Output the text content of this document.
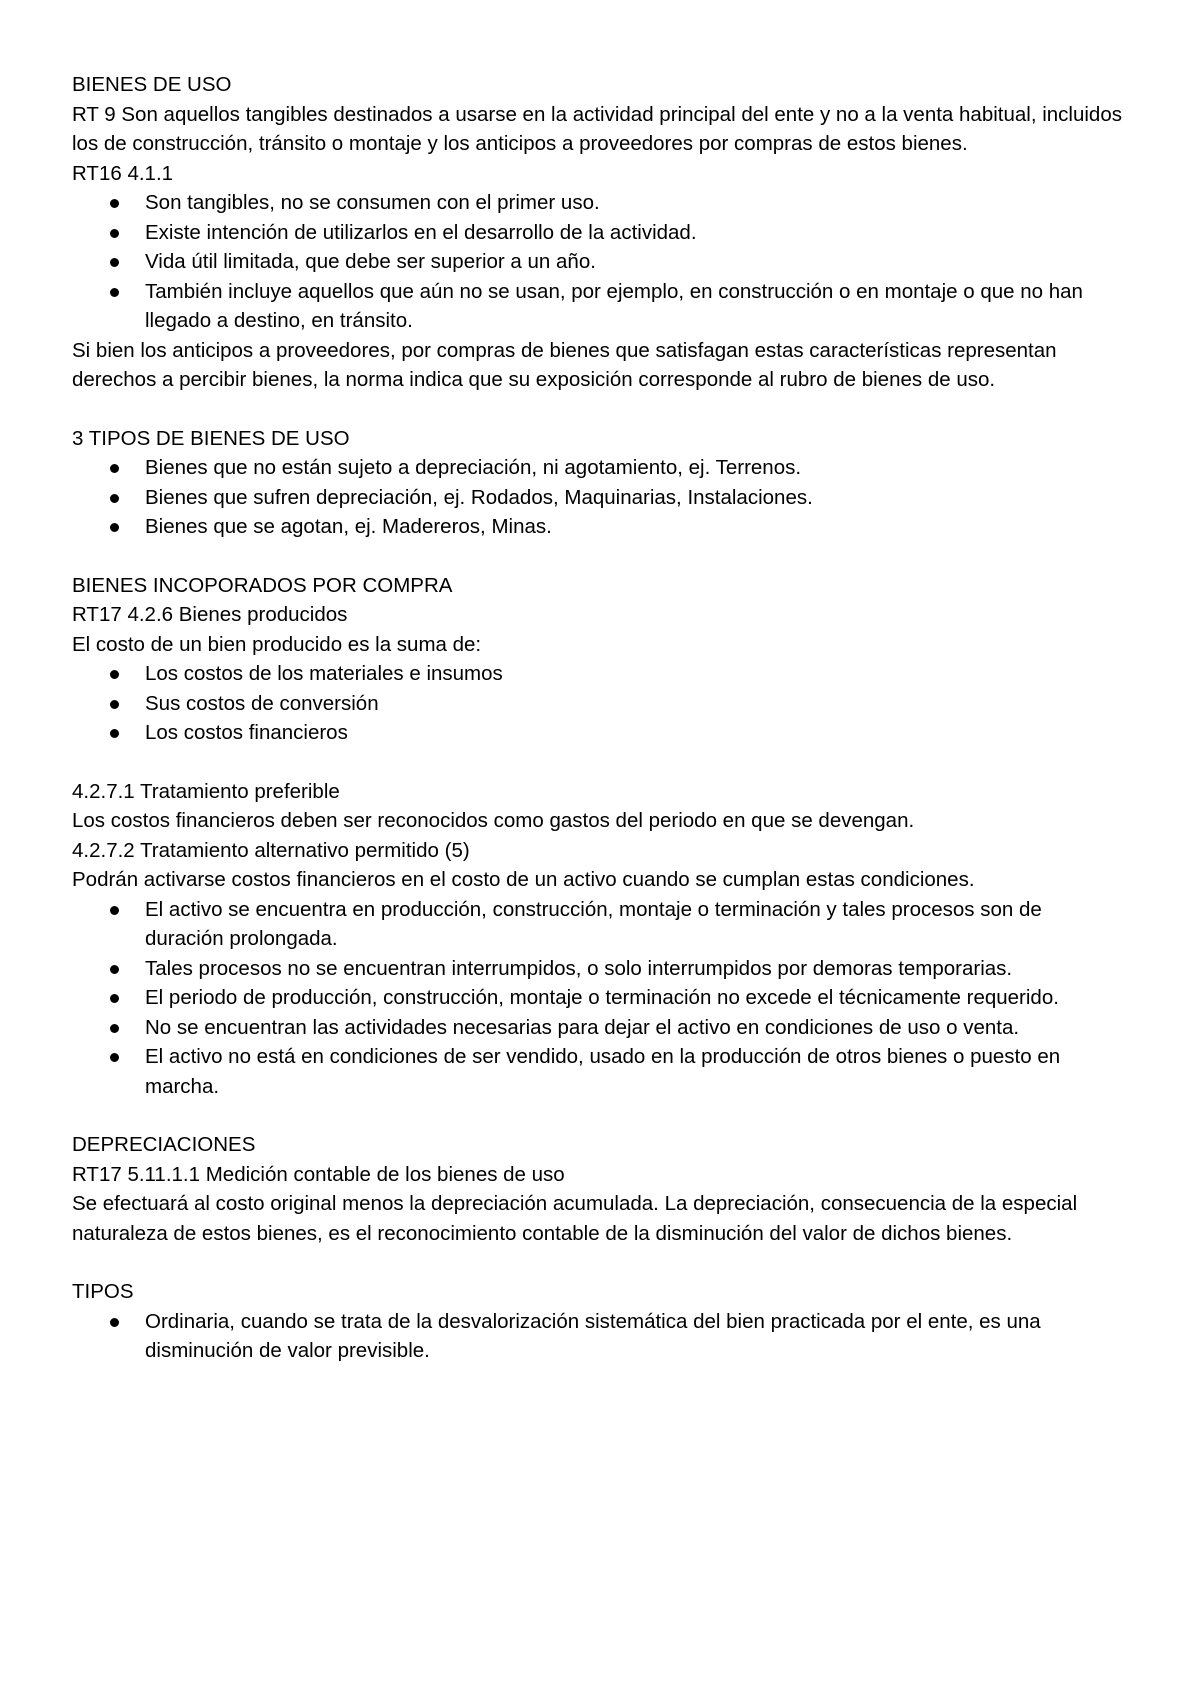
BIENES DE USO

RT 9 Son aquellos tangibles destinados a usarse en la actividad principal del ente y no a la venta habitual, incluidos los de construcción, tránsito o montaje y los anticipos a proveedores por compras de estos bienes.

RT16 4.1.1

Son tangibles, no se consumen con el primer uso.
Existe intención de utilizarlos en el desarrollo de la actividad.
Vida útil limitada, que debe ser superior a un año.
También incluye aquellos que aún no se usan, por ejemplo, en construcción o en montaje o que no han llegado a destino, en tránsito.

Si bien los anticipos a proveedores, por compras de bienes que satisfagan estas características representan derechos a percibir bienes, la norma indica que su exposición corresponde al rubro de bienes de uso.

3 TIPOS DE BIENES DE USO

Bienes que no están sujeto a depreciación, ni agotamiento, ej. Terrenos.
Bienes que sufren depreciación, ej. Rodados, Maquinarias, Instalaciones.
Bienes que se agotan, ej. Madereros, Minas.

BIENES INCOPORADOS POR COMPRA

RT17 4.2.6 Bienes producidos

El costo de un bien producido es la suma de:

Los costos de los materiales e insumos
Sus costos de conversión
Los costos financieros

4.2.7.1 Tratamiento preferible

Los costos financieros deben ser reconocidos como gastos del periodo en que se devengan.

4.2.7.2 Tratamiento alternativo permitido (5)

Podrán activarse costos financieros en el costo de un activo cuando se cumplan estas condiciones.

El activo se encuentra en producción, construcción, montaje o terminación y tales procesos son de duración prolongada.
Tales procesos no se encuentran interrumpidos, o solo interrumpidos por demoras temporarias.
El periodo de producción, construcción, montaje o terminación no excede el técnicamente requerido.
No se encuentran las actividades necesarias para dejar el activo en condiciones de uso o venta.
El activo no está en condiciones de ser vendido, usado en la producción de otros bienes o puesto en marcha.

DEPRECIACIONES

RT17 5.11.1.1 Medición contable de los bienes de uso

Se efectuará al costo original menos la depreciación acumulada. La depreciación, consecuencia de la especial naturaleza de estos bienes, es el reconocimiento contable de la disminución del valor de dichos bienes.

TIPOS

Ordinaria, cuando se trata de la desvalorización sistemática del bien practicada por el ente, es una disminución de valor previsible.
